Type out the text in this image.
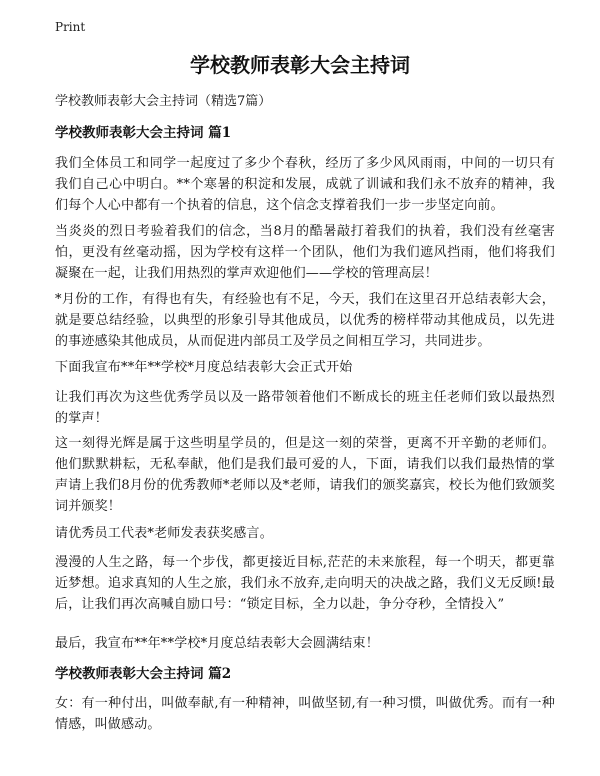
Print
学校教师表彰大会主持词
学校教师表彰大会主持词（精选7篇）
学校教师表彰大会主持词 篇1
我们全体员工和同学一起度过了多少个春秋，经历了多少风风雨雨，中间的一切只有我们自己心中明白。**个寒暑的积淀和发展，成就了训诫和我们永不放弃的精神，我们每个人心中都有一个执着的信息，这个信念支撑着我们一步一步坚定向前。
当炎炎的烈日考验着我们的信念，当8月的酷暑敲打着我们的执着，我们没有丝毫害怕，更没有丝毫动摇，因为学校有这样一个团队，他们为我们遮风挡雨，他们将我们凝聚在一起，让我们用热烈的掌声欢迎他们——学校的管理高层！
*月份的工作，有得也有失，有经验也有不足，今天，我们在这里召开总结表彰大会，就是要总结经验，以典型的形象引导其他成员，以优秀的榜样带动其他成员，以先进的事迹感染其他成员，从而促进内部员工及学员之间相互学习，共同进步。
下面我宣布**年**学校*月度总结表彰大会正式开始
让我们再次为这些优秀学员以及一路带领着他们不断成长的班主任老师们致以最热烈的掌声！
这一刻得光辉是属于这些明星学员的，但是这一刻的荣誉，更离不开辛勤的老师们。他们默默耕耘，无私奉献，他们是我们最可爱的人，下面，请我们以我们最热情的掌声请上我们8月份的优秀教师*老师以及*老师，请我们的颁奖嘉宾，校长为他们致颁奖词并颁奖！
请优秀员工代表*老师发表获奖感言。
漫漫的人生之路，每一个步伐，都更接近目标,茫茫的未来旅程，每一个明天，都更靠近梦想。追求真知的人生之旅，我们永不放弃,走向明天的决战之路，我们义无反顾!最后，让我们再次高喊自励口号：“锁定目标，全力以赴，争分夺秒，全情投入”
最后，我宣布**年**学校*月度总结表彰大会圆满结束！
学校教师表彰大会主持词 篇2
女：有一种付出，叫做奉献,有一种精神，叫做坚韧,有一种习惯，叫做优秀。而有一种情感，叫做感动。
